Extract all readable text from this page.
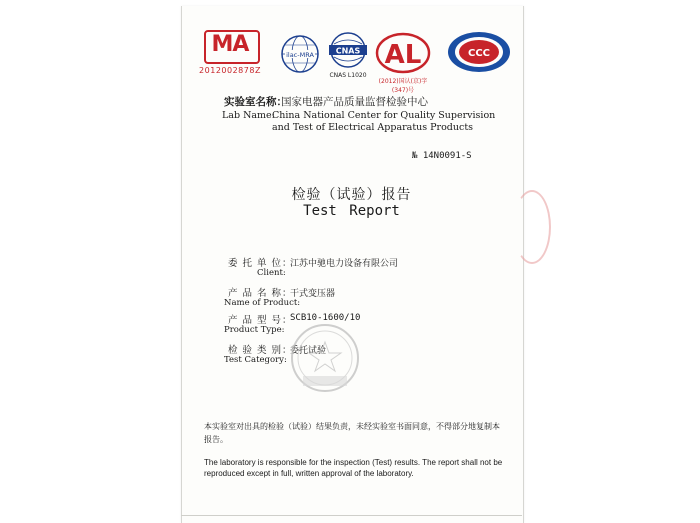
MA
2012002878Z
ilac-MRA	CNAS
CNAS L1020
AL
(2012)国认(京)字(347)号
CCC
实验室名称：
国家电器产品质量监督检验中心
Lab Name:
China National Center for Quality Supervision
and Test of Electrical Apparatus Products
№ 14N0091-S
检验（试验）报告
Test Report
委 托 单 位：
江苏中驰电力设备有限公司
Client:
产 品 名 称：
干式变压器
Name of Product:
产 品 型 号：
SCB10-1600/10
Product Type:
检 验 类 别：
委托试验
Test Category:
本实验室对出具的检验（试验）结果负责，未经实验室书面同意，不得部分地复制本报告。
The laboratory is responsible for the inspection (Test) results. The report shall not be reproduced except in full, written approval of the laboratory.
